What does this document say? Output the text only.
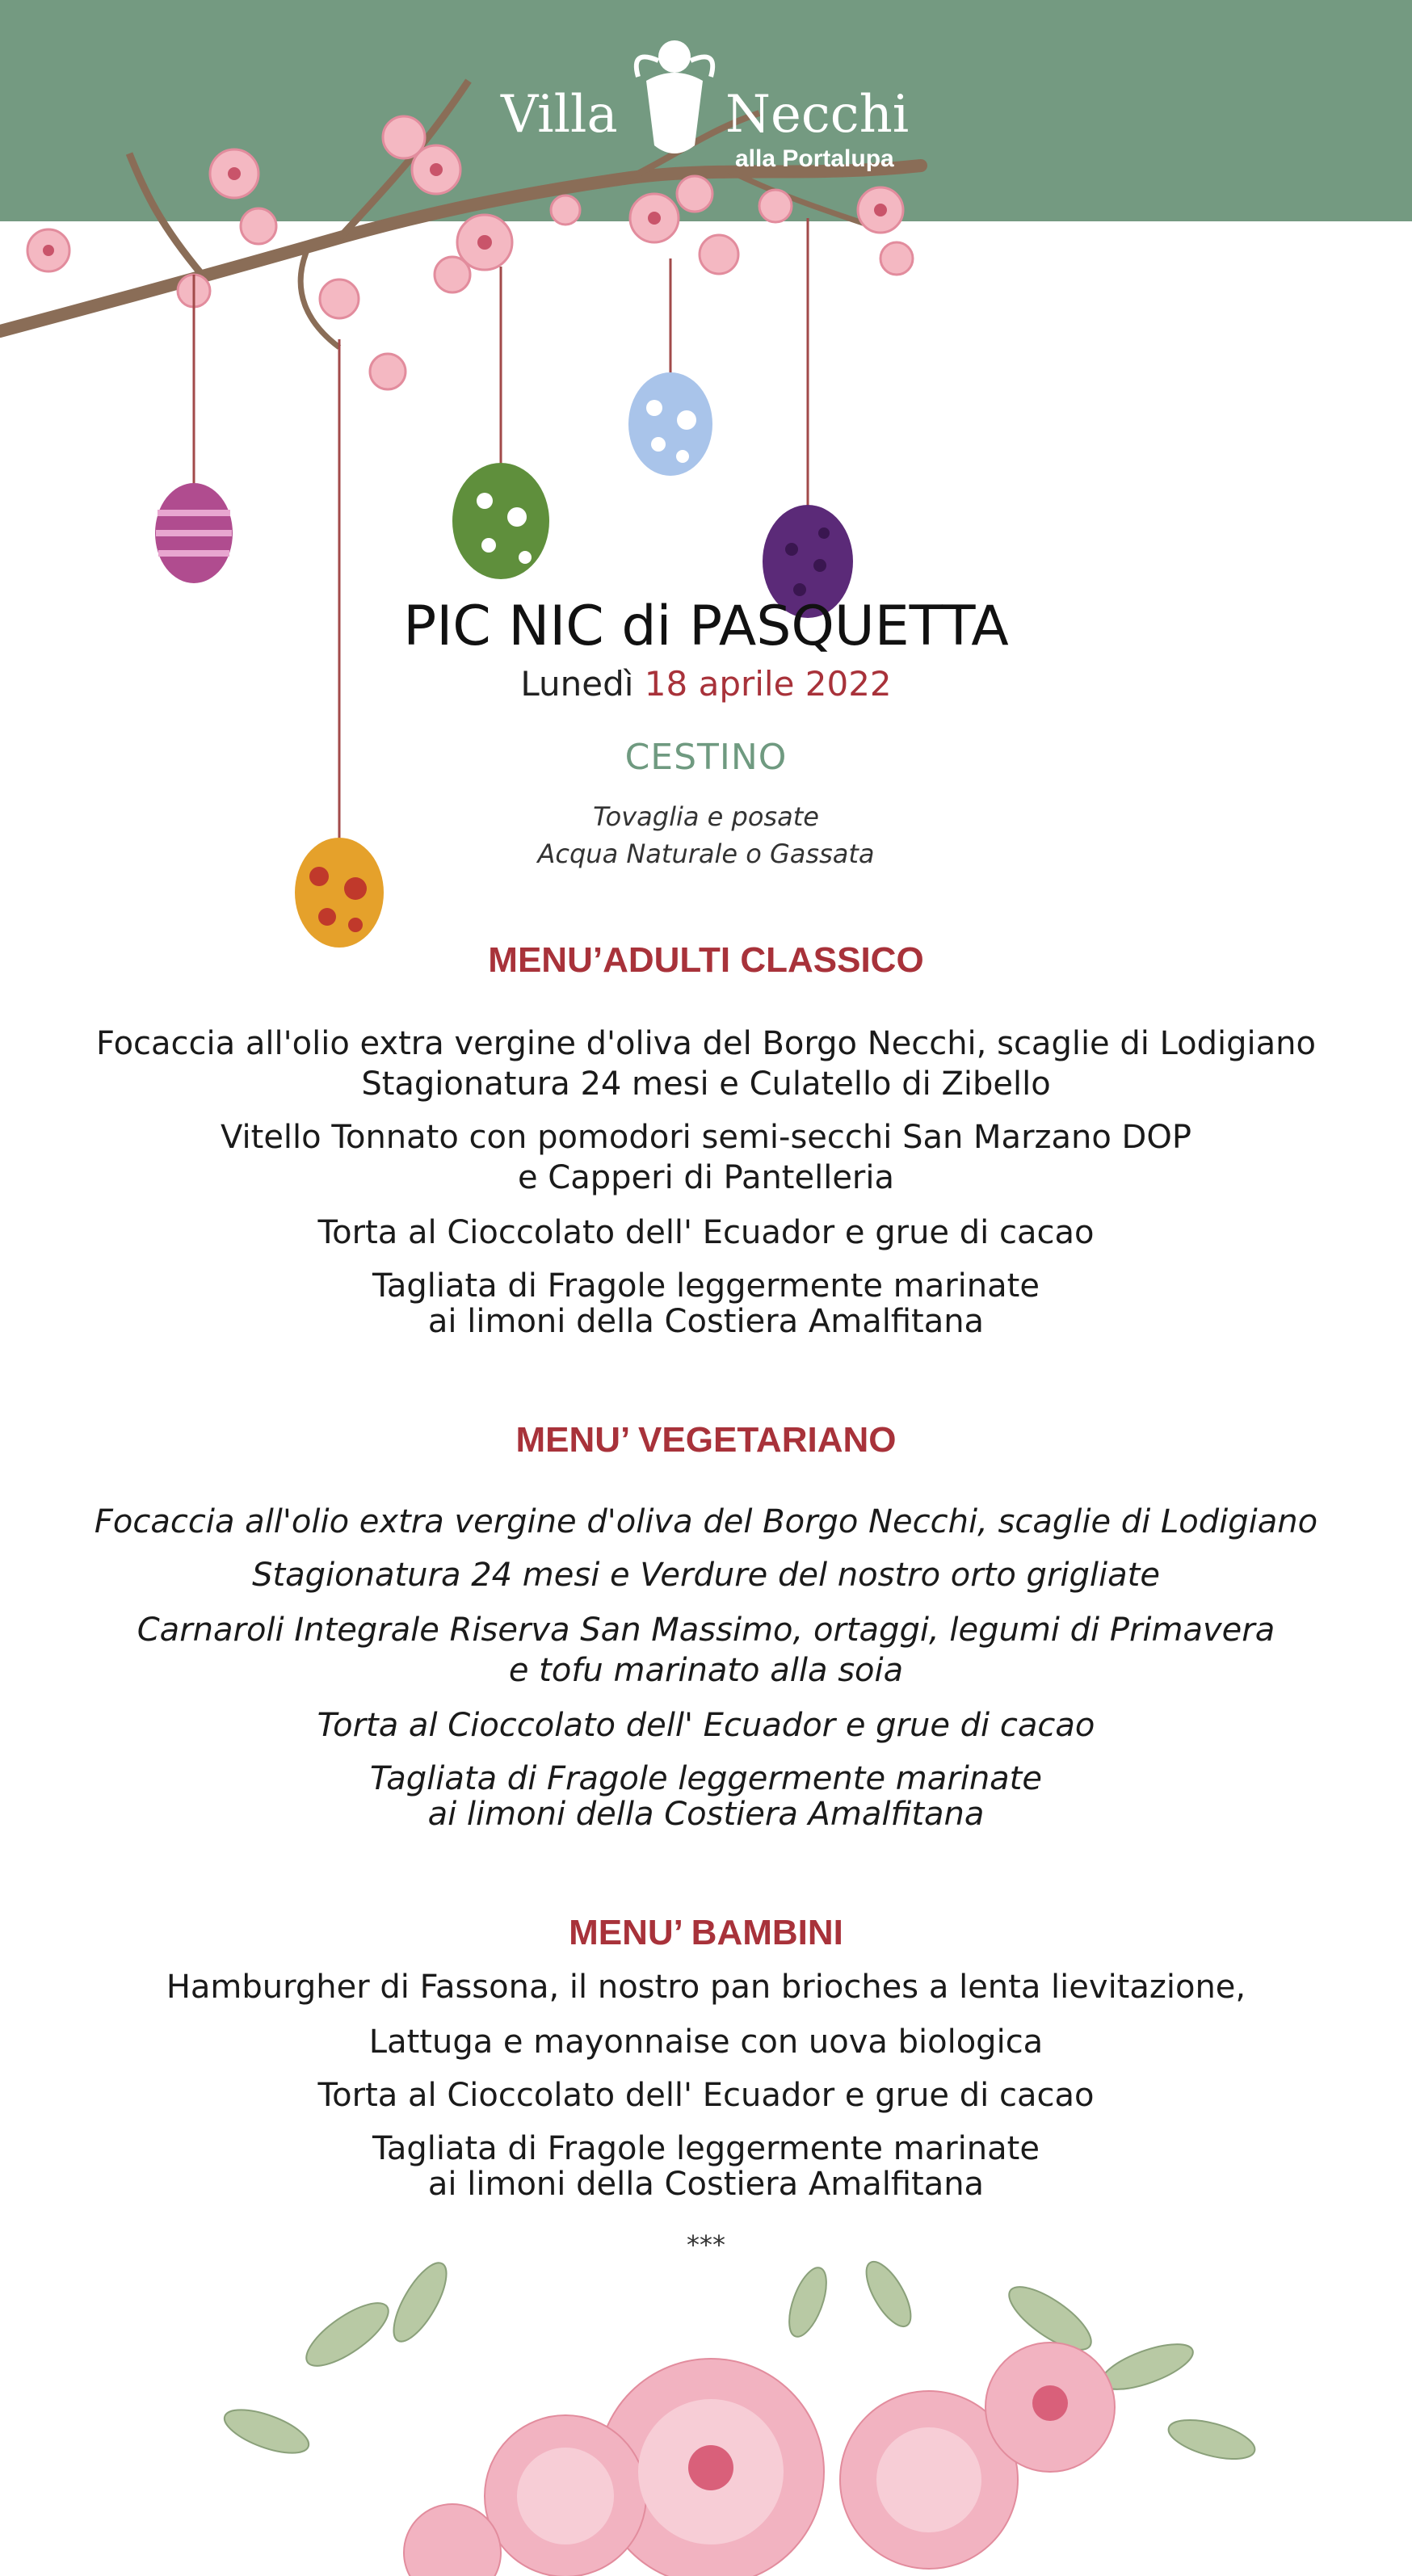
Villa Necchi
alla Portalupa
PIC NIC di PASQUETTA
Lunedì 18 aprile 2022
CESTINO
Tovaglia e posate
Acqua Naturale o Gassata
MENU’ADULTI CLASSICO
Focaccia all'olio extra vergine d'oliva del Borgo Necchi, scaglie di Lodigiano
Stagionatura 24 mesi e Culatello di Zibello
Vitello Tonnato con pomodori semi-secchi San Marzano DOP
e Capperi di Pantelleria
Torta al Cioccolato dell' Ecuador e grue di cacao
Tagliata di Fragole leggermente marinate
ai limoni della Costiera Amalfitana
MENU’ VEGETARIANO
Focaccia all'olio extra vergine d'oliva del Borgo Necchi, scaglie di Lodigiano
Stagionatura 24 mesi e Verdure del nostro orto grigliate
Carnaroli Integrale Riserva San Massimo, ortaggi, legumi di Primavera
e tofu marinato alla soia
Torta al Cioccolato dell' Ecuador e grue di cacao
Tagliata di Fragole leggermente marinate
ai limoni della Costiera Amalfitana
MENU’ BAMBINI
Hamburgher di Fassona, il nostro pan brioches a lenta lievitazione,
Lattuga e mayonnaise con uova biologica
Torta al Cioccolato dell' Ecuador e grue di cacao
Tagliata di Fragole leggermente marinate
ai limoni della Costiera Amalfitana
***
